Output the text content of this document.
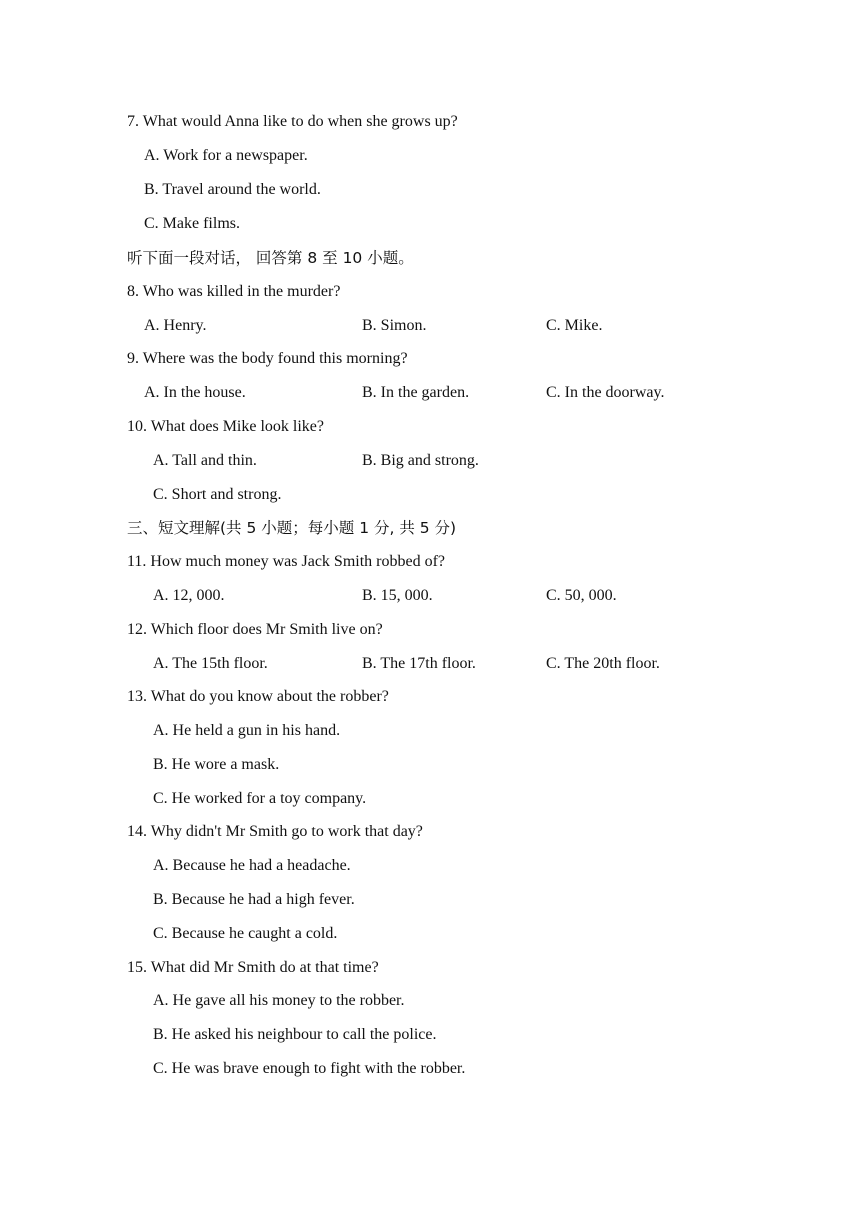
7. What would Anna like to do when she grows up?
A. Work for a newspaper.
B. Travel around the world.
C. Make films.
听下面一段对话， 回答第 8 至 10 小题。
8. Who was killed in the murder?
A. Henry.	B. Simon.	C. Mike.
9. Where was the body found this morning?
A. In the house.	B. In the garden.	C. In the doorway.
10. What does Mike look like?
A. Tall and thin.	B. Big and strong.
C. Short and strong.
三、短文理解(共 5 小题；每小题 1 分, 共 5 分)
11. How much money was Jack Smith robbed of?
A. 12, 000.	B. 15, 000.	C. 50, 000.
12. Which floor does Mr Smith live on?
A. The 15th floor.	B. The 17th floor.	C. The 20th floor.
13. What do you know about the robber?
A. He held a gun in his hand.
B. He wore a mask.
C. He worked for a toy company.
14. Why didn't Mr Smith go to work that day?
A. Because he had a headache.
B. Because he had a high fever.
C. Because he caught a cold.
15. What did Mr Smith do at that time?
A. He gave all his money to the robber.
B. He asked his neighbour to call the police.
C. He was brave enough to fight with the robber.
